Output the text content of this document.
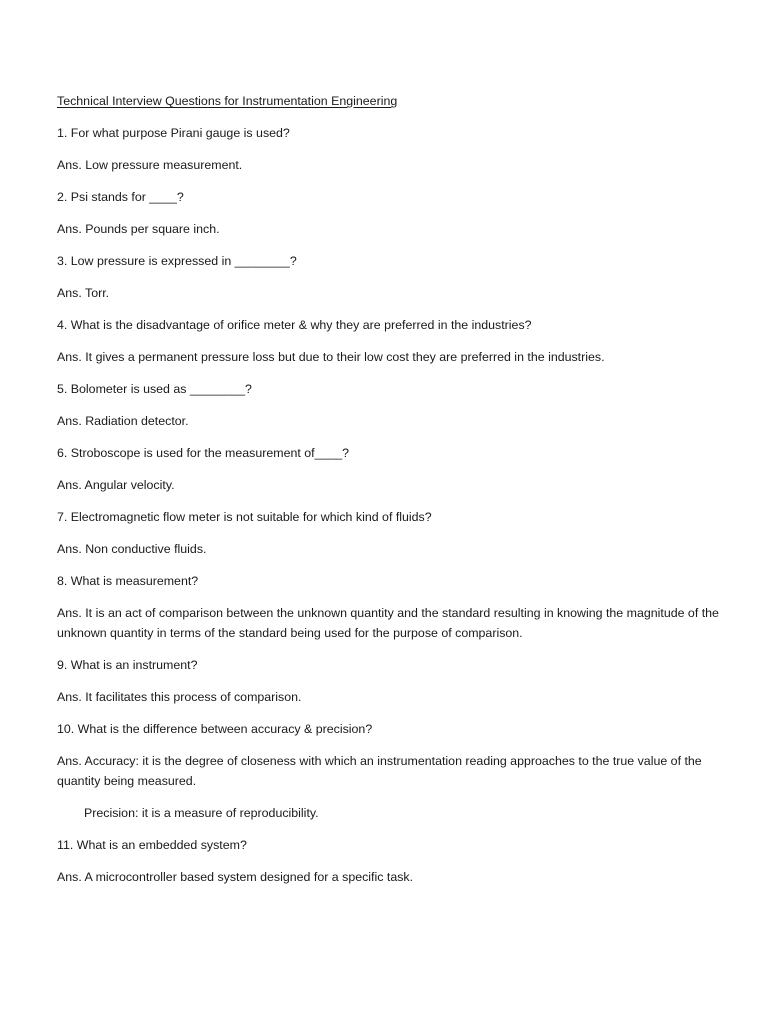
Technical Interview Questions for Instrumentation Engineering

1. For what purpose Pirani gauge is used?

Ans. Low pressure measurement.

2. Psi stands for ____?

Ans. Pounds per square inch.

3. Low pressure is expressed in ________?

Ans. Torr.

4. What is the disadvantage of orifice meter & why they are preferred in the industries?

Ans. It gives a permanent pressure loss but due to their low cost they are preferred in the industries.

5. Bolometer is used as ________?

Ans. Radiation detector.

6. Stroboscope is used for the measurement of____?

Ans. Angular velocity.

7. Electromagnetic flow meter is not suitable for which kind of fluids?

Ans. Non conductive fluids.

8. What is measurement?

Ans. It is an act of comparison between the unknown quantity and the standard resulting in knowing the magnitude of the unknown quantity in terms of the standard being used for the purpose of comparison.

9. What is an instrument?

Ans. It facilitates this process of comparison.

10. What is the difference between accuracy & precision?

Ans. Accuracy: it is the degree of closeness with which an instrumentation reading approaches to the true value of the quantity being measured.

Precision: it is a measure of reproducibility.

11. What is an embedded system?

Ans. A microcontroller based system designed for a specific task.
